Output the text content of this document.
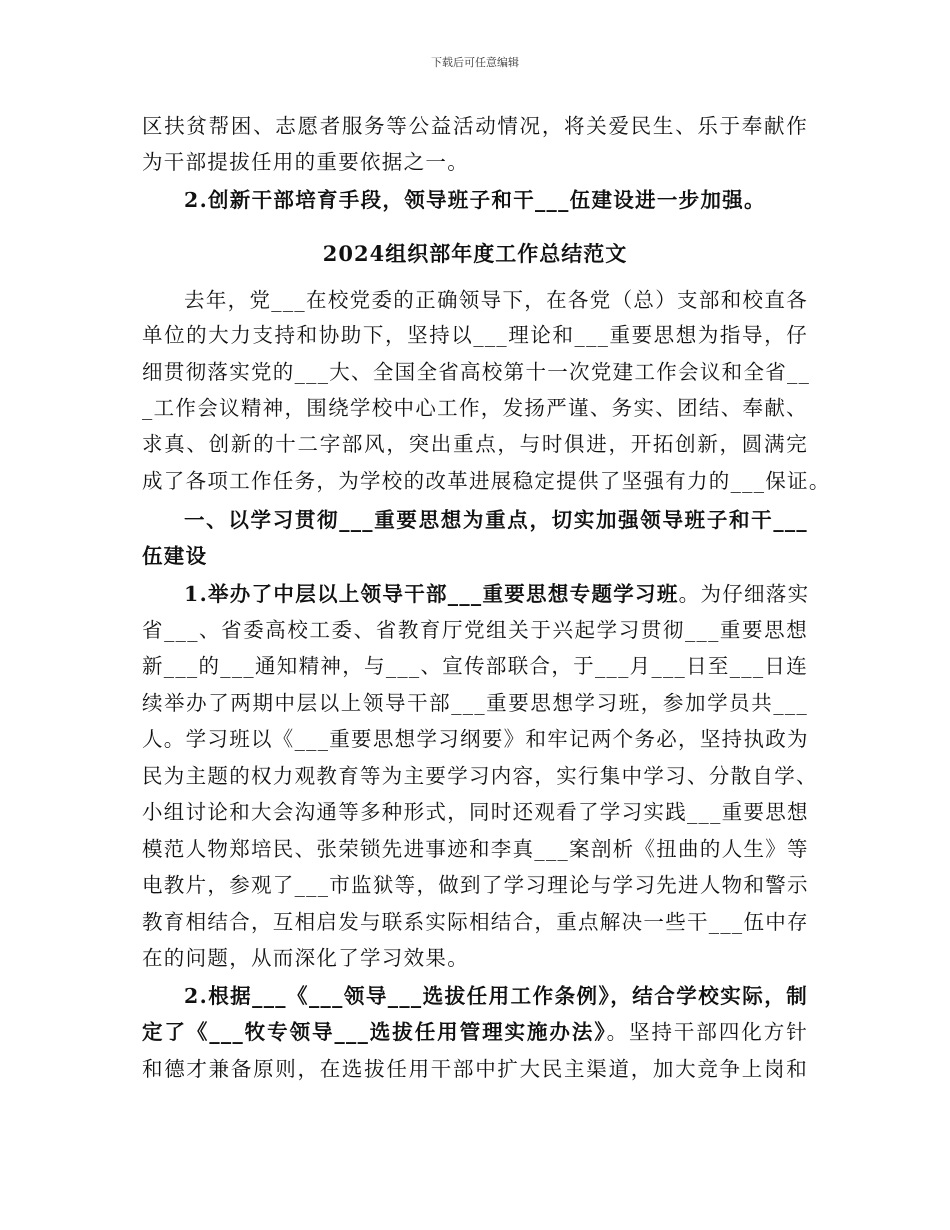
下载后可任意编辑
2024组织部年度工作总结范文
区扶贫帮困、志愿者服务等公益活动情况，将关爱民生、乐于奉献作
为干部提拔任用的重要依据之一。
2.创新干部培育手段，领导班子和干___伍建设进一步加强。
去年，党___在校党委的正确领导下，在各党（总）支部和校直各
单位的大力支持和协助下，坚持以___理论和___重要思想为指导，仔
细贯彻落实党的___大、全国全省高校第十一次党建工作会议和全省__
_工作会议精神，围绕学校中心工作，发扬严谨、务实、团结、奉献、
求真、创新的十二字部风，突出重点，与时俱进，开拓创新，圆满完
成了各项工作任务，为学校的改革进展稳定提供了坚强有力的___保证。
一、以学习贯彻___重要思想为重点，切实加强领导班子和干___
伍建设
1.举办了中层以上领导干部___重要思想专题学习班。为仔细落实
省___、省委高校工委、省教育厅党组关于兴起学习贯彻___重要思想
新___的___通知精神，与___、宣传部联合，于___月___日至___日连
续举办了两期中层以上领导干部___重要思想学习班，参加学员共___
人。学习班以《___重要思想学习纲要》和牢记两个务必，坚持执政为
民为主题的权力观教育等为主要学习内容，实行集中学习、分散自学、
小组讨论和大会沟通等多种形式，同时还观看了学习实践___重要思想
模范人物郑培民、张荣锁先进事迹和李真___案剖析《扭曲的人生》等
电教片，参观了___市监狱等，做到了学习理论与学习先进人物和警示
教育相结合，互相启发与联系实际相结合，重点解决一些干___伍中存
在的问题，从而深化了学习效果。
2.根据___《___领导___选拔任用工作条例》，结合学校实际，制
定了《___牧专领导___选拔任用管理实施办法》。坚持干部四化方针
和德才兼备原则，在选拔任用干部中扩大民主渠道，加大竞争上岗和
